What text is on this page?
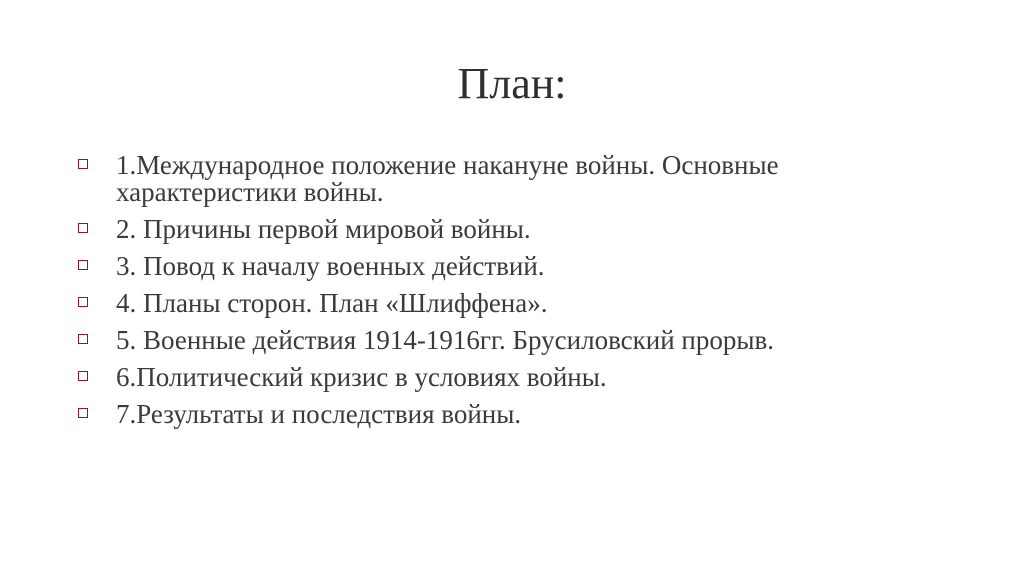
План:
1.Международное положение накануне войны. Основные характеристики войны.
2. Причины первой мировой войны.
3. Повод к началу военных действий.
4. Планы сторон. План «Шлиффена».
5. Военные действия 1914-1916гг. Брусиловский прорыв.
6.Политический кризис в условиях войны.
7.Результаты и последствия войны.
